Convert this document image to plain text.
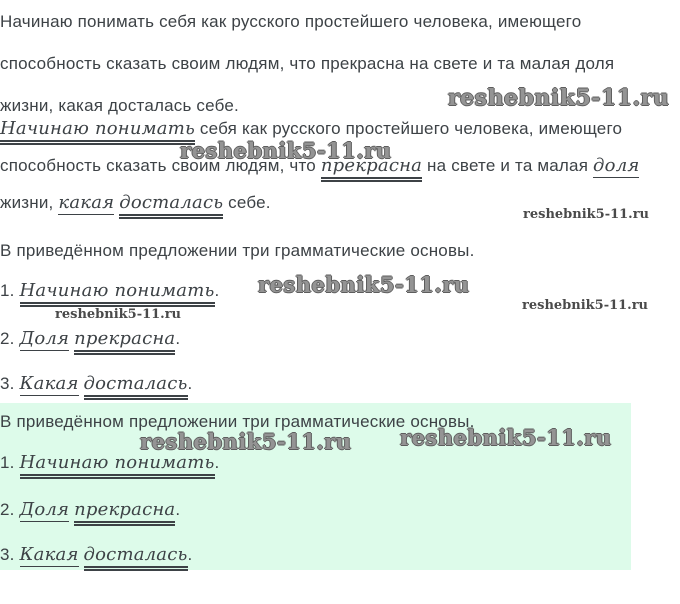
Начинаю понимать себя как русского простейшего человека, имеющего
способность сказать своим людям, что прекрасна на свете и та малая доля
жизни, какая досталась себе.
Начинаю понимать себя как русского простейшего человека, имеющего
способность сказать своим людям, что прекрасна на свете и та малая доля
жизни, какая досталась себе.
В приведённом предложении три грамматические основы.
1. Начинаю понимать.
2. Доля прекрасна.
3. Какая досталась.
В приведённом предложении три грамматические основы.
1. Начинаю понимать.
2. Доля прекрасна.
3. Какая досталась.
reshebnik5-11.ru
reshebnik5-11.ru
reshebnik5-11.ru
reshebnik5-11.ru
reshebnik5-11.ru
reshebnik5-11.ru
reshebnik5-11.ru reshebnik5-11.ru
